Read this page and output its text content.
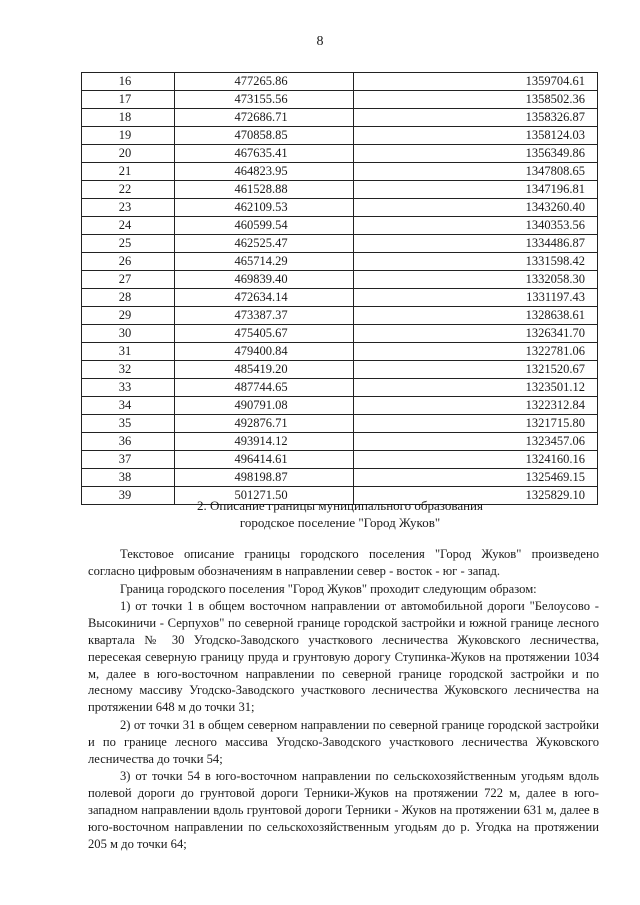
8
16	477265.86	1359704.61
17	473155.56	1358502.36
18	472686.71	1358326.87
19	470858.85	1358124.03
20	467635.41	1356349.86
21	464823.95	1347808.65
22	461528.88	1347196.81
23	462109.53	1343260.40
24	460599.54	1340353.56
25	462525.47	1334486.87
26	465714.29	1331598.42
27	469839.40	1332058.30
28	472634.14	1331197.43
29	473387.37	1328638.61
30	475405.67	1326341.70
31	479400.84	1322781.06
32	485419.20	1321520.67
33	487744.65	1323501.12
34	490791.08	1322312.84
35	492876.71	1321715.80
36	493914.12	1323457.06
37	496414.61	1324160.16
38	498198.87	1325469.15
39	501271.50	1325829.10
2. Описание границы муниципального образования
городское поселение "Город Жуков"

Текстовое описание границы городского поселения "Город Жуков" произведено согласно цифровым обозначениям в направлении север - восток - юг - запад.

Граница городского поселения "Город Жуков" проходит следующим образом:

1) от точки 1 в общем восточном направлении от автомобильной дороги "Белоусово - Высокиничи - Серпухов" по северной границе городской застройки и южной границе лесного квартала № 30 Угодско-Заводского участкового лесничества Жуковского лесничества, пересекая северную границу пруда и грунтовую дорогу Ступинка-Жуков на протяжении 1034 м, далее в юго-восточном направлении по северной границе городской застройки и по лесному массиву Угодско-Заводского участкового лесничества Жуковского лесничества на протяжении 648 м до точки 31;

2) от точки 31 в общем северном направлении по северной границе городской застройки и по границе лесного массива Угодско-Заводского участкового лесничества Жуковского лесничества до точки 54;

3) от точки 54 в юго-восточном направлении по сельскохозяйственным угодьям вдоль полевой дороги до грунтовой дороги Терники-Жуков на протяжении 722 м, далее в юго-западном направлении вдоль грунтовой дороги Терники - Жуков на протяжении 631 м, далее в юго-восточном направлении по сельскохозяйственным угодьям до р. Угодка на протяжении 205 м до точки 64;
